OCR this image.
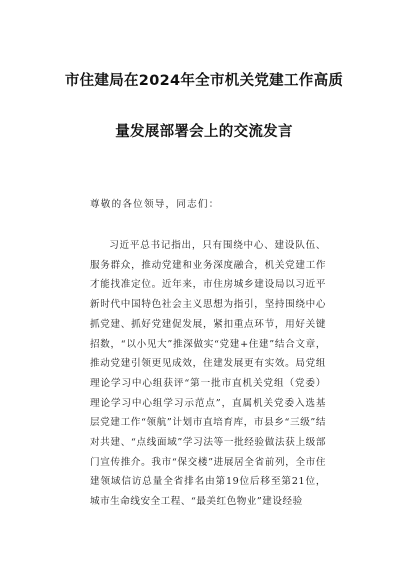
市住建局在2024年全市机关党建工作高质
量发展部署会上的交流发言
尊敬的各位领导，同志们：

习近平总书记指出，只有围绕中心、建设队伍、服务群众，推动党建和业务深度融合，机关党建工作才能找准定位。近年来，市住房城乡建设局以习近平新时代中国特色社会主义思想为指引，坚持围绕中心抓党建、抓好党建促发展，紧扣重点环节，用好关键招数，“以小见大”推深做实“党建+住建”结合文章，推动党建引领更见成效，住建发展更有实效。局党组理论学习中心组获评“第一批市直机关党组（党委）理论学习中心组学习示范点”，直属机关党委入选基层党建工作“领航”计划市直培育库，市县乡“三级”结对共建、“点线面域”学习法等一批经验做法获上级部门宣传推介。我市“保交楼”进展居全省前列，全市住建领域信访总量全省排名由第19位后移至第21位，城市生命线安全工程、“最美红色物业”建设经验
